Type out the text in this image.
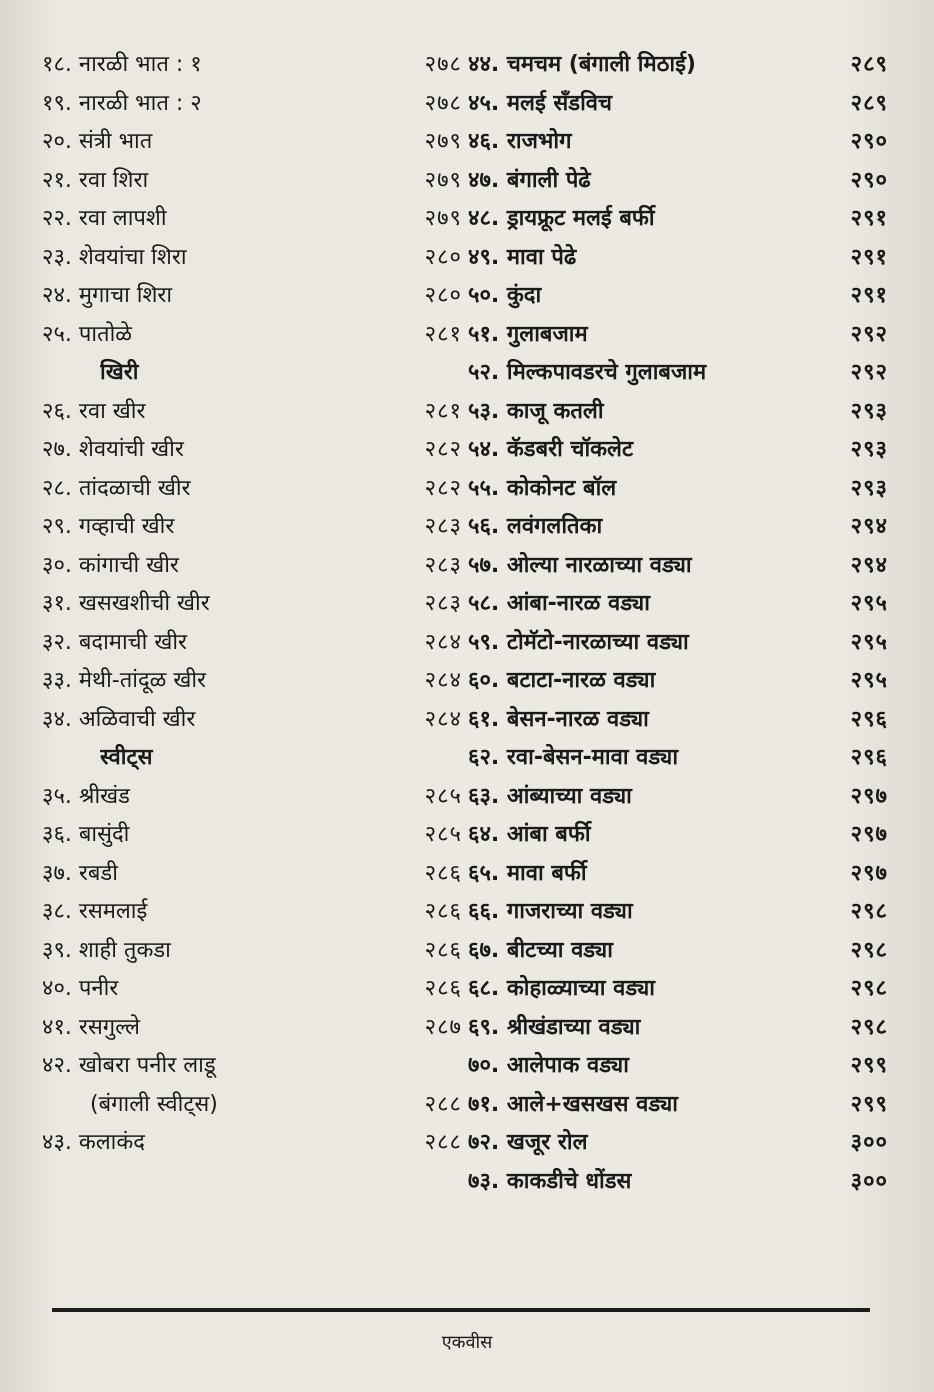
१८. नारळी भात : १	२७८
१९. नारळी भात : २	२७८
२०. संत्री भात	२७९
२१. रवा शिरा	२७९
२२. रवा लापशी	२७९
२३. शेवयांचा शिरा	२८०
२४. मुगाचा शिरा	२८०
२५. पातोळे	२८१
खिरी
२६. रवा खीर	२८१
२७. शेवयांची खीर	२८२
२८. तांदळाची खीर	२८२
२९. गव्हाची खीर	२८३
३०. कांगाची खीर	२८३
३१. खसखशीची खीर	२८३
३२. बदामाची खीर	२८४
३३. मेथी-तांदूळ खीर	२८४
३४. अळिवाची खीर	२८४
स्वीट्स
३५. श्रीखंड	२८५
३६. बासुंदी	२८५
३७. रबडी	२८६
३८. रसमलाई	२८६
३९. शाही तुकडा	२८६
४०. पनीर	२८६
४१. रसगुल्ले	२८७
४२. खोबरा पनीर लाडू
(बंगाली स्वीट्स)	२८८
४३. कलाकंद	२८८
४४. चमचम (बंगाली मिठाई)	२८९
४५. मलई सँडविच	२८९
४६. राजभोग	२९०
४७. बंगाली पेढे	२९०
४८. ड्रायफ्रूट मलई बर्फी	२९१
४९. मावा पेढे	२९१
५०. कुंदा	२९१
५१. गुलाबजाम	२९२
५२. मिल्कपावडरचे गुलाबजाम	२९२
५३. काजू कतली	२९३
५४. कॅडबरी चॉकलेट	२९३
५५. कोकोनट बॉल	२९३
५६. लवंगलतिका	२९४
५७. ओल्या नारळाच्या वड्या	२९४
५८. आंबा-नारळ वड्या	२९५
५९. टोमॅटो-नारळाच्या वड्या	२९५
६०. बटाटा-नारळ वड्या	२९५
६१. बेसन-नारळ वड्या	२९६
६२. रवा-बेसन-मावा वड्या	२९६
६३. आंब्याच्या वड्या	२९७
६४. आंबा बर्फी	२९७
६५. मावा बर्फी	२९७
६६. गाजराच्या वड्या	२९८
६७. बीटच्या वड्या	२९८
६८. कोहाळ्याच्या वड्या	२९८
६९. श्रीखंडाच्या वड्या	२९८
७०. आलेपाक वड्या	२९९
७१. आले+खसखस वड्या	२९९
७२. खजूर रोल	३००
७३. काकडीचे धोंडस	३००
एकवीस
